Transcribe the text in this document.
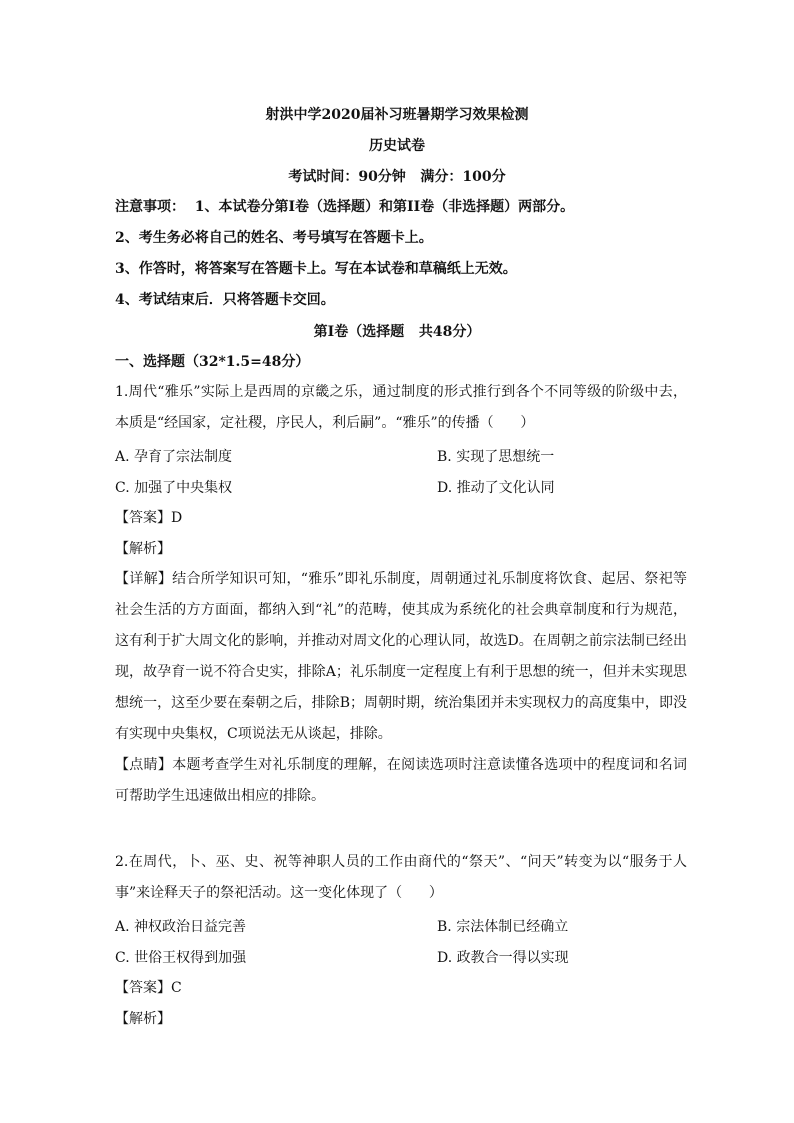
射洪中学2020届补习班暑期学习效果检测
历史试卷
考试时间：90分钟   满分：100分
注意事项：  1、本试卷分第I卷（选择题）和第II卷（非选择题）两部分。
2、考生务必将自己的姓名、考号填写在答题卡上。
3、作答时，将答案写在答题卡上。写在本试卷和草稿纸上无效。
4、考试结束后．只将答题卡交回。
第Ⅰ卷（选择题   共48分）
一、选择题（32*1.5=48分）
1.周代“雅乐”实际上是西周的京畿之乐，通过制度的形式推行到各个不同等级的阶级中去，本质是“经国家，定社稷，序民人，利后嗣”。“雅乐”的传播（      ）
A. 孕育了宗法制度	B. 实现了思想统一
C. 加强了中央集权	D. 推动了文化认同
【答案】D
【解析】
【详解】结合所学知识可知，“雅乐”即礼乐制度，周朝通过礼乐制度将饮食、起居、祭祀等社会生活的方方面面，都纳入到“礼”的范畴，使其成为系统化的社会典章制度和行为规范，这有利于扩大周文化的影响，并推动对周文化的心理认同，故选D。在周朝之前宗法制已经出现，故孕育一说不符合史实，排除A；礼乐制度一定程度上有利于思想的统一，但并未实现思想统一，这至少要在秦朝之后，排除B；周朝时期，统治集团并未实现权力的高度集中，即没有实现中央集权，C项说法无从谈起，排除。
【点睛】本题考查学生对礼乐制度的理解，在阅读选项时注意读懂各选项中的程度词和名词可帮助学生迅速做出相应的排除。
2.在周代，卜、巫、史、祝等神职人员的工作由商代的“祭天”、“问天”转变为以“服务于人事”来诠释天子的祭祀活动。这一变化体现了（      ）
A. 神权政治日益完善	B. 宗法体制已经确立
C. 世俗王权得到加强	D. 政教合一得以实现
【答案】C
【解析】
